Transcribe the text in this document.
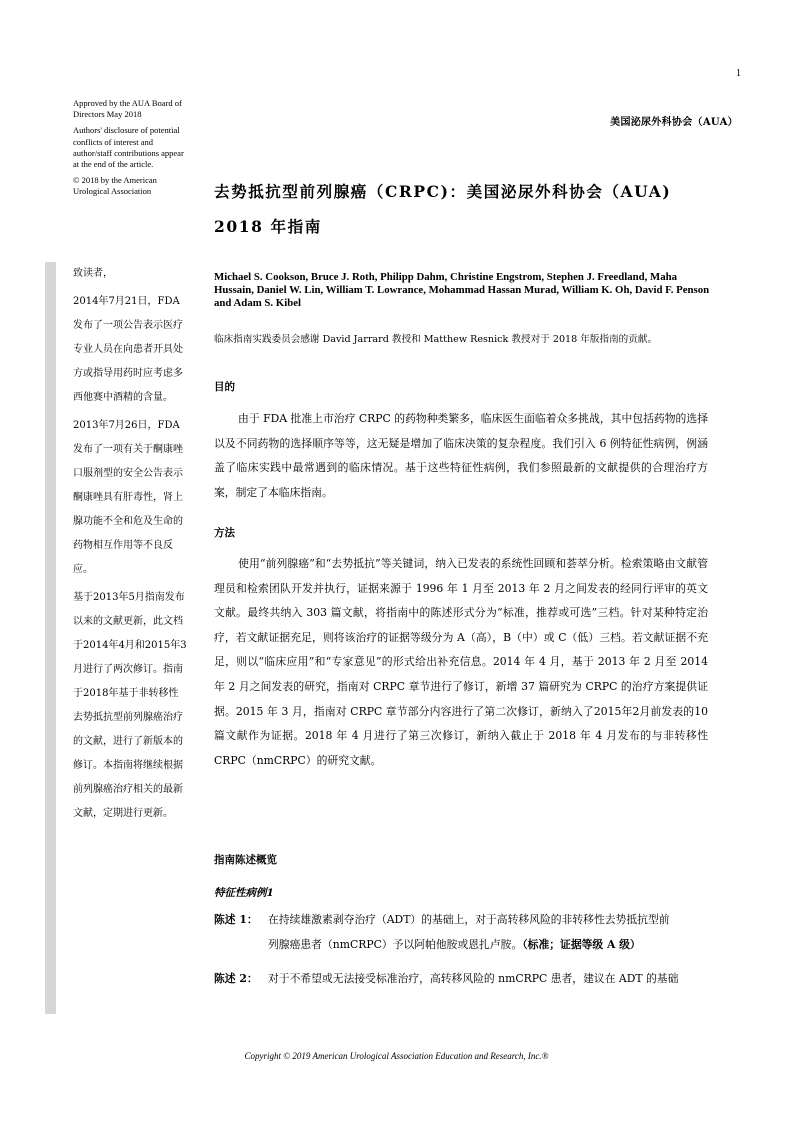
1

Approved by the AUA Board of Directors May 2018

Authors' disclosure of potential conflicts of interest and author/staff contributions appear at the end of the article.

© 2018 by the American Urological Association

美国泌尿外科协会（AUA）
去势抵抗型前列腺癌（CRPC)：美国泌尿外科协会（AUA)
2018 年指南
Michael S. Cookson, Bruce J. Roth, Philipp Dahm, Christine Engstrom, Stephen J. Freedland, Maha Hussain, Daniel W. Lin, William T. Lowrance, Mohammad Hassan Murad, William K. Oh, David F. Penson and Adam S. Kibel
临床指南实践委员会感谢 David Jarrard 教授和 Matthew Resnick 教授对于 2018 年版指南的贡献。
目的
由于 FDA 批准上市治疗 CRPC 的药物种类繁多，临床医生面临着众多挑战，其中包括药物的选择以及不同药物的选择顺序等等，这无疑是增加了临床决策的复杂程度。我们引入 6 例特征性病例，例涵盖了临床实践中最常遇到的临床情况。基于这些特征性病例，我们参照最新的文献提供的合理治疗方案，制定了本临床指南。
方法
使用“前列腺癌”和“去势抵抗”等关键词，纳入已发表的系统性回顾和荟萃分析。检索策略由文献管理员和检索团队开发并执行，证据来源于 1996 年 1 月至 2013 年 2 月之间发表的经同行评审的英文文献。最终共纳入 303 篇文献，将指南中的陈述形式分为“标准，推荐或可选”三档。针对某种特定治疗，若文献证据充足，则将该治疗的证据等级分为 A（高），B（中）或 C（低）三档。若文献证据不充足，则以“临床应用”和“专家意见”的形式给出补充信息。2014 年 4 月，基于 2013 年 2 月至 2014 年 2 月之间发表的研究，指南对 CRPC 章节进行了修订，新增 37 篇研究为 CRPC 的治疗方案提供证据。2015 年 3 月，指南对 CRPC 章节部分内容进行了第二次修订，新纳入了2015年2月前发表的10篇文献作为证据。2018 年 4 月进行了第三次修订，新纳入截止于 2018 年 4 月发布的与非转移性 CRPC（nmCRPC）的研究文献。

致读者，

2014年7月21日，FDA发布了一项公告表示医疗专业人员在向患者开具处方或指导用药时应考虑多西他赛中酒精的含量。

2013年7月26日，FDA发布了一项有关于酮康唑口服剂型的安全公告表示酮康唑具有肝毒性，肾上腺功能不全和危及生命的药物相互作用等不良反应。

基于2013年5月指南发布以来的文献更新，此文档于2014年4月和2015年3月进行了两次修订。指南于2018年基于非转移性去势抵抗型前列腺癌治疗的文献，进行了新版本的修订。本指南将继续根据前列腺癌治疗相关的最新文献，定期进行更新。

指南陈述概览
特征性病例1
陈述 1： 在持续雄激素剥夺治疗（ADT）的基础上，对于高转移风险的非转移性去势抵抗型前
列腺癌患者（nmCRPC）予以阿帕他胺或恩扎卢胺。（标准；证据等级 A 级）
陈述 2： 对于不希望或无法接受标准治疗，高转移风险的 nmCRPC 患者，建议在 ADT 的基础
Copyright © 2019 American Urological Association Education and Research, Inc.®
